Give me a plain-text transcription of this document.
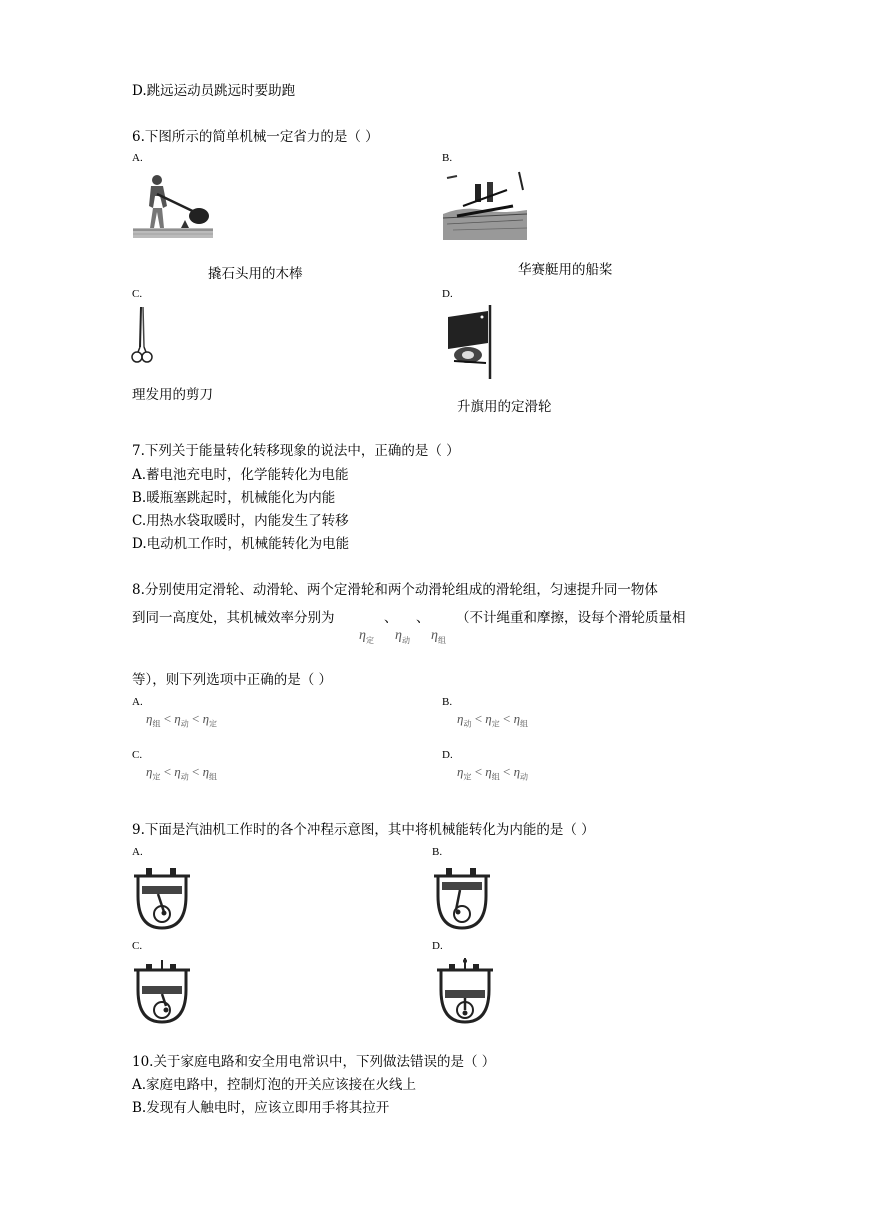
D.跳远运动员跳远时要助跑
6.下图所示的简单机械一定省力的是（ ）
A.	B.
撬石头用的木棒	华赛艇用的船桨
C.	D.
理发用的剪刀
升旗用的定滑轮
7.下列关于能量转化转移现象的说法中，正确的是（ ）
A.蓄电池充电时，化学能转化为电能
B.暖瓶塞跳起时，机械能化为内能
C.用热水袋取暖时，内能发生了转移
D.电动机工作时，机械能转化为电能
8.分别使用定滑轮、动滑轮、两个定滑轮和两个动滑轮组成的滑轮组，匀速提升同一物体
到同一高度处，其机械效率分别为	、 、 （不计绳重和摩擦，设每个滑轮质量相
$\eta_定$ $\eta_动$ $\eta_组$
等），则下列选项中正确的是（ ）
A.
$\eta_组 < \eta_动 < \eta_定$
B.
$\eta_动 < \eta_定 < \eta_组$
C.
$\eta_定 < \eta_动 < \eta_组$
D.
$\eta_定 < \eta_组 < \eta_动$
9.下面是汽油机工作时的各个冲程示意图，其中将机械能转化为内能的是（ ）
A.	B.
C.	D.
10.关于家庭电路和安全用电常识中，下列做法错误的是（ ）
A.家庭电路中，控制灯泡的开关应该接在火线上
B.发现有人触电时，应该立即用手将其拉开
